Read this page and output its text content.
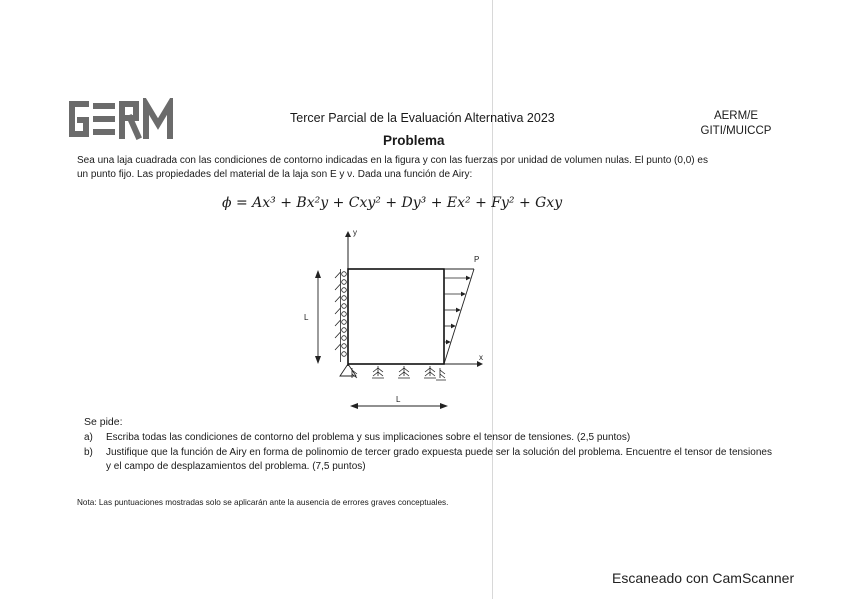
Tercer Parcial de la Evaluación Alternativa 2023	AERM/E
GITI/MUICCP
Problema
Sea una laja cuadrada con las condiciones de contorno indicadas en la figura y con las fuerzas por unidad de volumen nulas. El punto (0,0) es
un punto fijo. Las propiedades del material de la laja son E y ν. Dada una función de Airy:
ϕ = Ax³ + Bx²y + Cxy² + Dy³ + Ex² + Fy² + Gxy
y
x
P
L
L
Se pide:
a)	Escriba todas las condiciones de contorno del problema y sus implicaciones sobre el tensor de tensiones. (2,5 puntos)
b)	Justifique que la función de Airy en forma de polinomio de tercer grado expuesta puede ser la solución del problema. Encuentre el tensor de tensiones y el campo de desplazamientos del problema. (7,5 puntos)
Nota: Las puntuaciones mostradas solo se aplicarán ante la ausencia de errores graves conceptuales.
Escaneado con CamScanner
